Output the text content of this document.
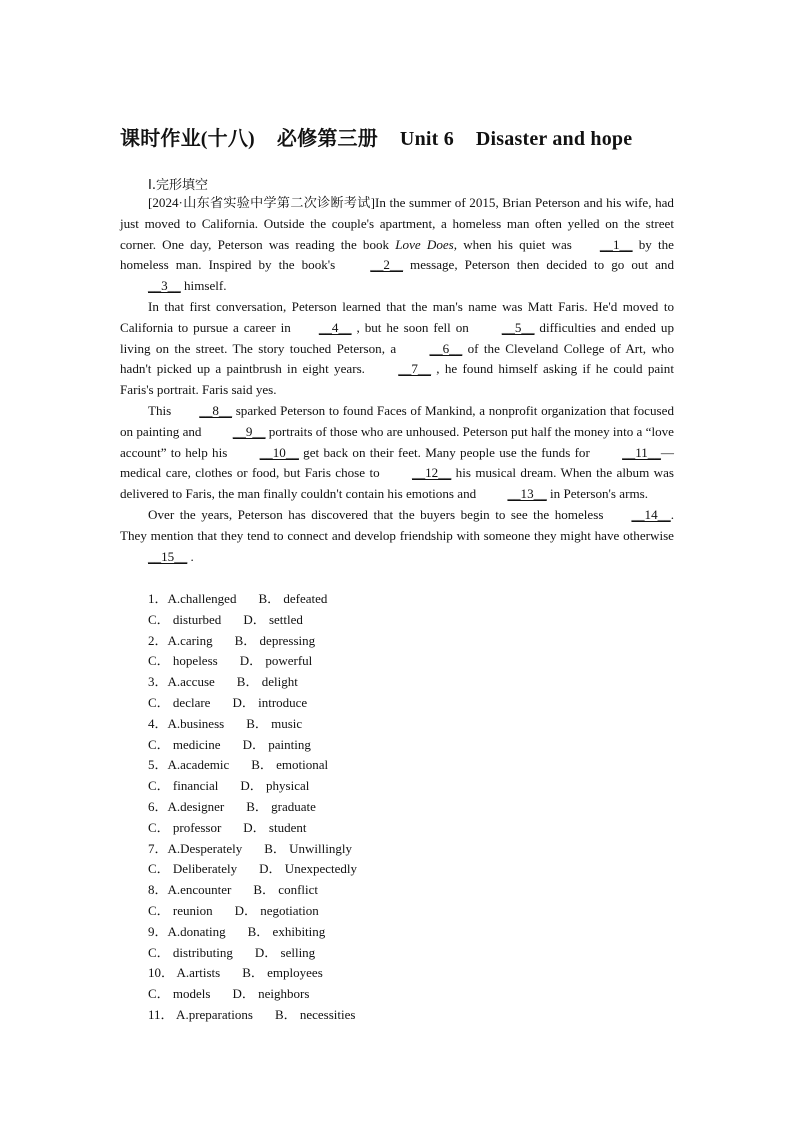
课时作业(十八) 必修第三册 Unit 6 Disaster and hope
Ⅰ.完形填空

[2024·山东省实验中学第二次诊断考试]In the summer of 2015, Brian Peterson and his wife, had just moved to California. Outside the couple's apartment, a homeless man often yelled on the street corner. One day, Peterson was reading the book Love Does, when his quiet was __1__ by the homeless man. Inspired by the book's __2__ message, Peterson then decided to go out and __3__ himself.

In that first conversation, Peterson learned that the man's name was Matt Faris. He'd moved to California to pursue a career in __4__ , but he soon fell on __5__ difficulties and ended up living on the street. The story touched Peterson, a __6__ of the Cleveland College of Art, who hadn't picked up a paintbrush in eight years. __7__ , he found himself asking if he could paint Faris's portrait. Faris said yes.

This __8__ sparked Peterson to found Faces of Mankind, a nonprofit organization that focused on painting and __9__ portraits of those who are unhoused. Peterson put half the money into a “love account” to help his __10__ get back on their feet. Many people use the funds for __11__—medical care, clothes or food, but Faris chose to __12__ his musical dream. When the album was delivered to Faris, the man finally couldn't contain his emotions and __13__ in Peterson's arms.

Over the years, Peterson has discovered that the buyers begin to see the homeless __14__. They mention that they tend to connect and develop friendship with someone they might have otherwise __15__ .

1．A.challenged B． defeated
C． disturbed D． settled
2．A.caring B． depressing
C． hopeless D． powerful
3．A.accuse B． delight
C． declare D． introduce
4．A.business B． music
C． medicine D． painting
5．A.academic B． emotional
C． financial D． physical
6．A.designer B． graduate
C． professor D． student
7．A.Desperately B． Unwillingly
C． Deliberately D． Unexpectedly
8．A.encounter B． conflict
C． reunion D． negotiation
9．A.donating B． exhibiting
C． distributing D． selling
10． A.artists B． employees
C． models D． neighbors
11． A.preparations B． necessities
